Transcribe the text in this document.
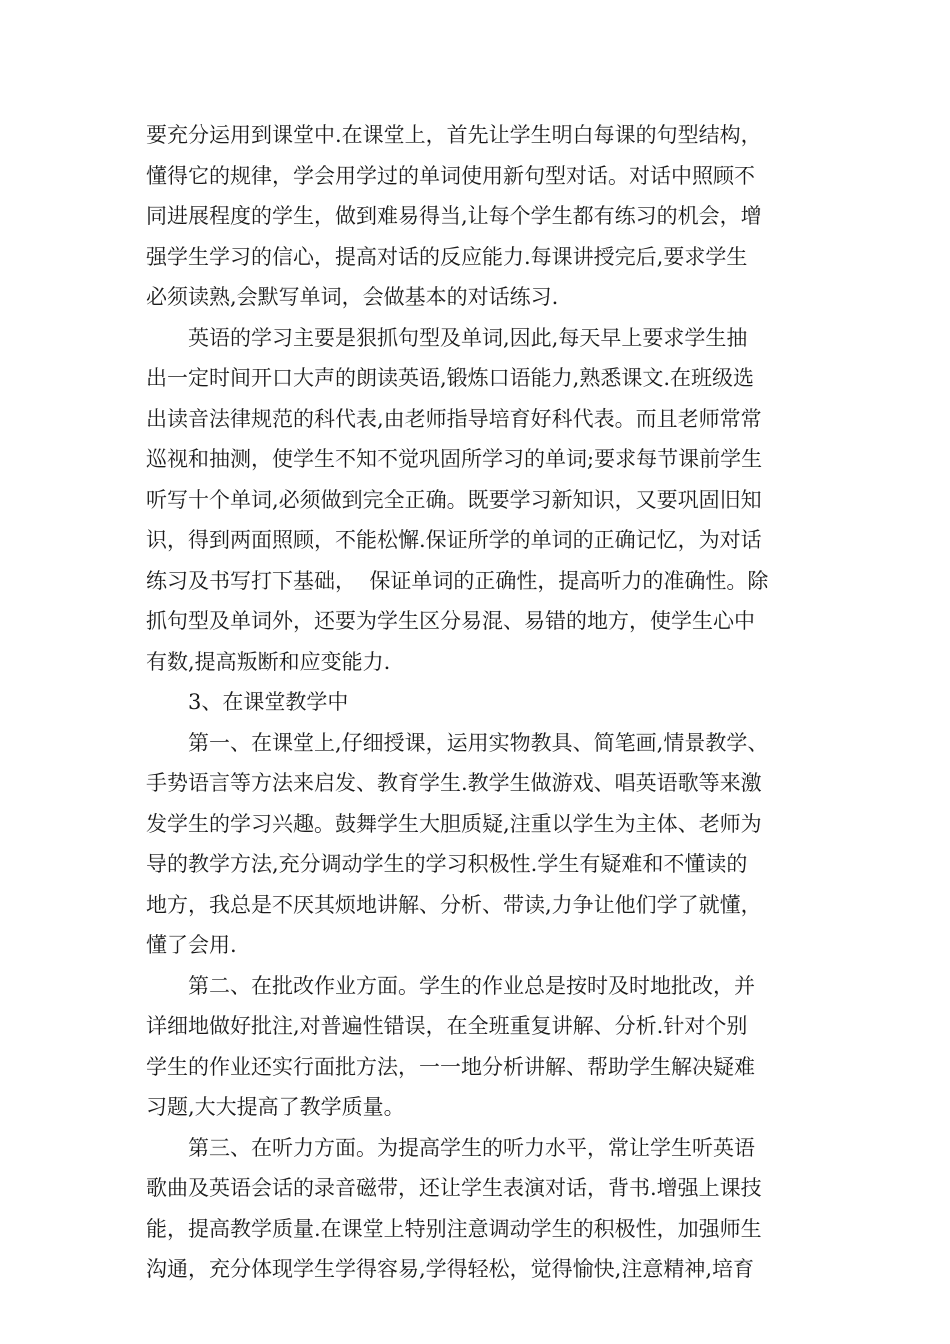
要充分运用到课堂中.在课堂上，首先让学生明白每课的句型结构，
懂得它的规律，学会用学过的单词使用新句型对话。对话中照顾不
同进展程度的学生，做到难易得当,让每个学生都有练习的机会，增
强学生学习的信心，提高对话的反应能力.每课讲授完后,要求学生
必须读熟,会默写单词，会做基本的对话练习.
　　英语的学习主要是狠抓句型及单词,因此,每天早上要求学生抽
出一定时间开口大声的朗读英语,锻炼口语能力,熟悉课文.在班级选
出读音法律规范的科代表,由老师指导培育好科代表。而且老师常常
巡视和抽测，使学生不知不觉巩固所学习的单词;要求每节课前学生
听写十个单词,必须做到完全正确。既要学习新知识，又要巩固旧知
识，得到两面照顾，不能松懈.保证所学的单词的正确记忆，为对话
练习及书写打下基础，  保证单词的正确性，提高听力的准确性。除
抓句型及单词外，还要为学生区分易混、易错的地方，使学生心中
有数,提高叛断和应变能力.
　　3、在课堂教学中
　　第一、在课堂上,仔细授课，运用实物教具、简笔画,情景教学、
手势语言等方法来启发、教育学生.教学生做游戏、唱英语歌等来激
发学生的学习兴趣。鼓舞学生大胆质疑,注重以学生为主体、老师为
导的教学方法,充分调动学生的学习积极性.学生有疑难和不懂读的
地方，我总是不厌其烦地讲解、分析、带读,力争让他们学了就懂，
懂了会用.
　　第二、在批改作业方面。学生的作业总是按时及时地批改，并
详细地做好批注,对普遍性错误，在全班重复讲解、分析.针对个别
学生的作业还实行面批方法，一一地分析讲解、帮助学生解决疑难
习题,大大提高了教学质量。
　　第三、在听力方面。为提高学生的听力水平，常让学生听英语
歌曲及英语会话的录音磁带，还让学生表演对话，背书.增强上课技
能，提高教学质量.在课堂上特别注意调动学生的积极性，加强师生
沟通，充分体现学生学得容易,学得轻松，觉得愉快,注意精神,培育
